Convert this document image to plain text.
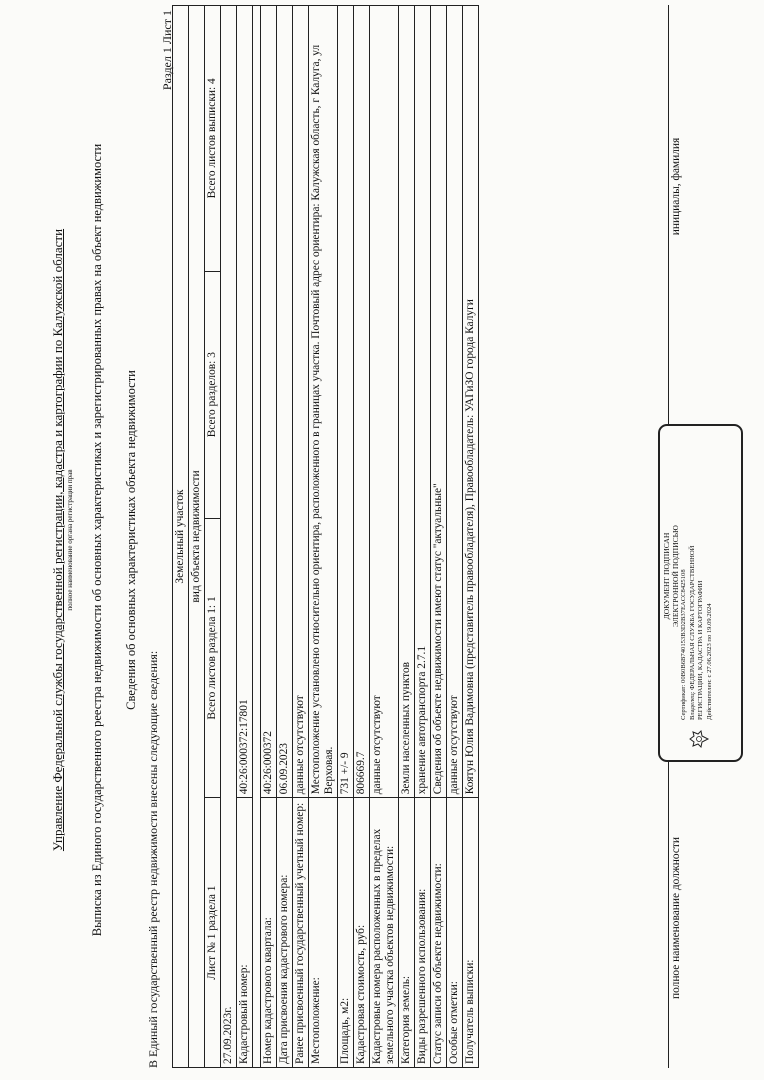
Управление Федеральной службы государственной регистрации, кадастра и картографии по Калужской области полное наименование органа регистрации прав Выписка из Единого государственного реестра недвижимости об основных характеристиках и зарегистрированных правах на объект недвижимости Сведения об основных характеристиках объекта недвижимости
В Единый государственный реестр недвижимости внесены следующие сведения:
Раздел 1 Лист 1
Земельный участок		
вид объекта недвижимости		
Лист № 1 раздела 1	Всего листов раздела 1: 1	Всего разделов: 3
Всего листов выписки: 4

27.09.2023г.		
Кадастровый номер:	40:26:000372:17801	

Номер кадастрового квартала:	40:26:000372	
Дата присвоения кадастрового номера:	06.09.2023	
Ранее присвоенный государственный учетный номер:	данные отсутствуют	
Местоположение:	Местоположение установлено относительно ориентира, расположенного в границах участка. Почтовый адрес ориентира: Калужская область, г Калуга, ул Верховая.	
Площадь, м2:	731 +/- 9	
Кадастровая стоимость, руб:	806669.7	
Кадастровые номера расположенных в пределах земельного участка объектов недвижимости:	данные отсутствуют	
Категория земель:	Земли населенных пунктов	
Виды разрешенного использования:	хранение автотранспорта 2.7.1	
Статус записи об объекте недвижимости:	Сведения об объекте недвижимости имеют статус "актуальные"	
Особые отметки:	данные отсутствуют	
Получатель выписки:	Коятун Юлия Вадимовна (представитель правообладателя), Правообладатель: УАГиЗО города Калуги	
полное наименование должности
инициалы, фамилия
ДОКУМЕНТ ПОДПИСАН ЭЛЕКТРОННОЙ ПОДПИСЬЮ Сертификат: 00B0B6B740153B3D2B37EACC8425108 Владелец: ФЕДЕРАЛЬНАЯ СЛУЖБА ГОСУДАРСТВЕННОЙ РЕГИСТРАЦИИ, КАДАСТРА И КАРТОГРАФИИ Действителен: с 27.06.2023 по 19.09.2024
